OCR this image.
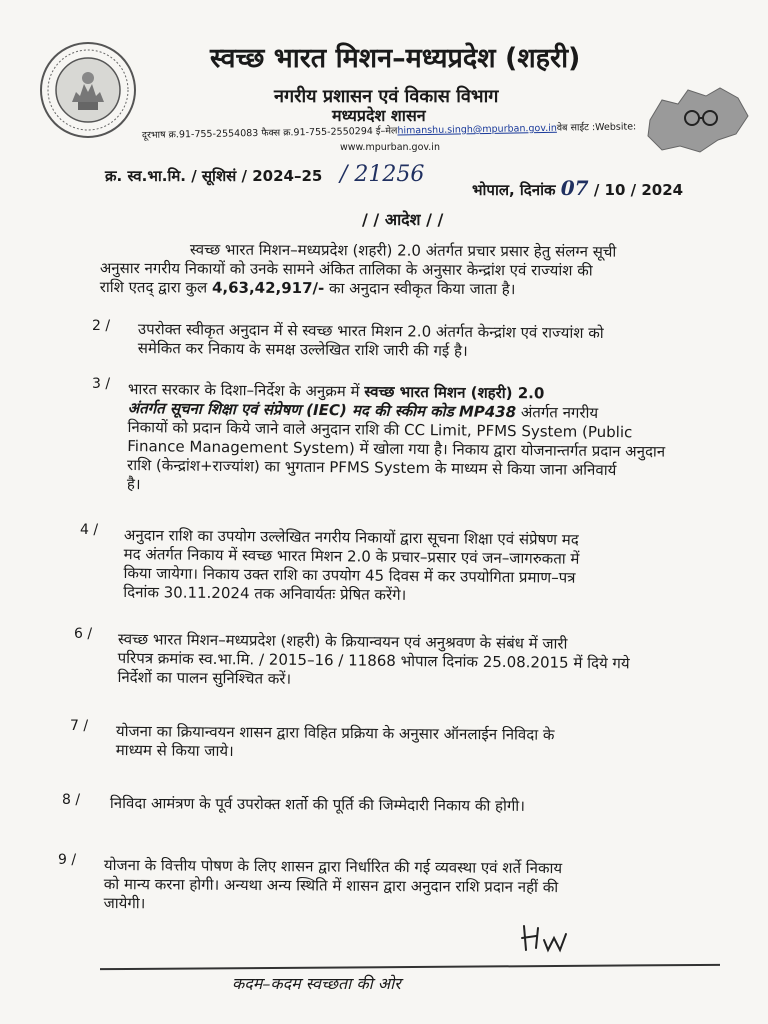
स्वच्छ भारत मिशन–मध्यप्रदेश (शहरी)
नगरीय प्रशासन एवं विकास विभाग
मध्यप्रदेश शासन
दूरभाष क्र.91-755-2554083 फैक्स क्र.91-755-2550294 ई–मेलhimanshu.singh@mpurban.gov.inवेब साईट :Website:
www.mpurban.gov.in
क्र. स्व.भा.मि. / सूशिसं / 2024–25 / 21256
भोपाल, दिनांक 07 / 10 / 2024
/ / आदेश / /
स्वच्छ भारत मिशन–मध्यप्रदेश (शहरी) 2.0 अंतर्गत प्रचार प्रसार हेतु संलग्न सूची
अनुसार नगरीय निकायों को उनके सामने अंकित तालिका के अनुसार केन्द्रांश एवं राज्यांश की
राशि एतद् द्वारा कुल 4,63,42,917/- का अनुदान स्वीकृत किया जाता है।
2 / उपरोक्त स्वीकृत अनुदान में से स्वच्छ भारत मिशन 2.0 अंतर्गत केन्द्रांश एवं राज्यांश को
समेकित कर निकाय के समक्ष उल्लेखित राशि जारी की गई है।
3 / भारत सरकार के दिशा–निर्देश के अनुक्रम में स्वच्छ भारत मिशन (शहरी) 2.0
अंतर्गत सूचना शिक्षा एवं संप्रेषण (IEC) मद की स्कीम कोड MP438 अंतर्गत नगरीय
निकायों को प्रदान किये जाने वाले अनुदान राशि की CC Limit, PFMS System (Public
Finance Management System) में खोला गया है। निकाय द्वारा योजनान्तर्गत प्रदान अनुदान
राशि (केन्द्रांश+राज्यांश) का भुगतान PFMS System के माध्यम से किया जाना अनिवार्य
है।
4 / अनुदान राशि का उपयोग उल्लेखित नगरीय निकायों द्वारा सूचना शिक्षा एवं संप्रेषण मद
मद अंतर्गत निकाय में स्वच्छ भारत मिशन 2.0 के प्रचार–प्रसार एवं जन–जागरुकता में
किया जायेगा। निकाय उक्त राशि का उपयोग 45 दिवस में कर उपयोगिता प्रमाण–पत्र
दिनांक 30.11.2024 तक अनिवार्यतः प्रेषित करेंगे।
6 / स्वच्छ भारत मिशन–मध्यप्रदेश (शहरी) के क्रियान्वयन एवं अनुश्रवण के संबंध में जारी
परिपत्र क्रमांक स्व.भा.मि. / 2015–16 / 11868 भोपाल दिनांक 25.08.2015 में दिये गये
निर्देशों का पालन सुनिश्चित करें।
7 / योजना का क्रियान्वयन शासन द्वारा विहित प्रक्रिया के अनुसार ऑनलाईन निविदा के
माध्यम से किया जाये।
8 / निविदा आमंत्रण के पूर्व उपरोक्त शर्तो की पूर्ति की जिम्मेदारी निकाय की होगी।
9 / योजना के वित्तीय पोषण के लिए शासन द्वारा निर्धारित की गई व्यवस्था एवं शर्ते निकाय
को मान्य करना होगी। अन्यथा अन्य स्थिति में शासन द्वारा अनुदान राशि प्रदान नहीं की
जायेगी।
कदम–कदम स्वच्छता की ओर
